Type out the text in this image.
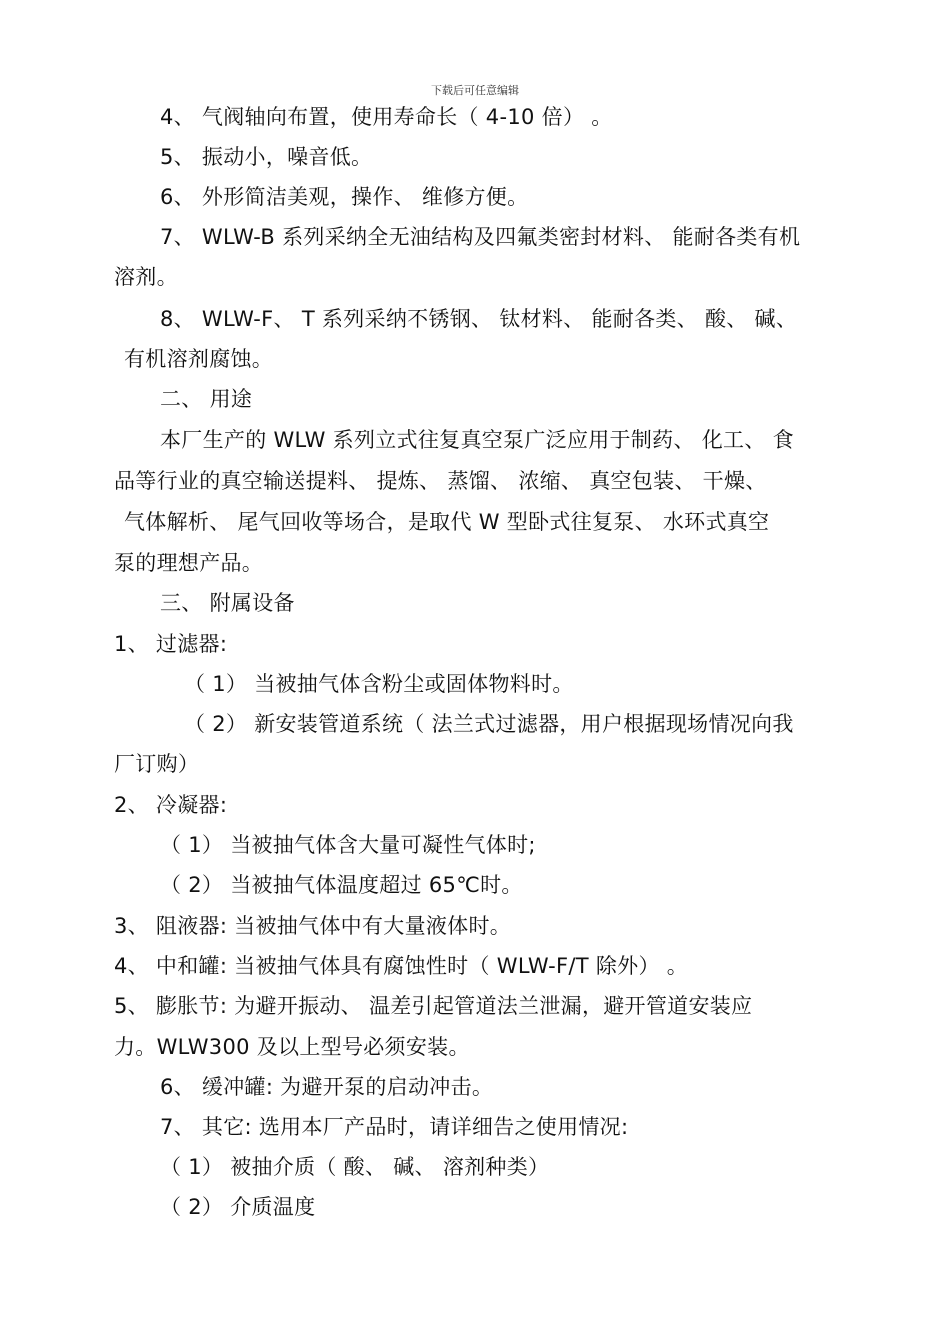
下载后可任意编辑
4、 气阀轴向布置，使用寿命长（ 4-10 倍） 。
5、 振动小，噪音低。
6、 外形简洁美观，操作、 维修方便。
7、 WLW-B 系列采纳全无油结构及四氟类密封材料、 能耐各类有机
溶剂。
8、 WLW-F、 T 系列采纳不锈钢、 钛材料、 能耐各类、 酸、 碱、
有机溶剂腐蚀。
二、 用途
本厂生产的 WLW 系列立式往复真空泵广泛应用于制药、 化工、 食
品等行业的真空输送提料、 提炼、 蒸馏、 浓缩、 真空包装、 干燥、
气体解析、 尾气回收等场合，是取代 W 型卧式往复泵、 水环式真空
泵的理想产品。
三、 附属设备
1、 过滤器:
（ 1） 当被抽气体含粉尘或固体物料时。
（ 2） 新安装管道系统（ 法兰式过滤器，用户根据现场情况向我
厂订购）
2、 冷凝器:
（ 1） 当被抽气体含大量可凝性气体时;
（ 2） 当被抽气体温度超过 65℃时。
3、 阻液器: 当被抽气体中有大量液体时。
4、 中和罐: 当被抽气体具有腐蚀性时（ WLW-F/T 除外） 。
5、 膨胀节: 为避开振动、 温差引起管道法兰泄漏，避开管道安装应
力。WLW300 及以上型号必须安装。
6、 缓冲罐: 为避开泵的启动冲击。
7、 其它: 选用本厂产品时，请详细告之使用情况:
（ 1） 被抽介质（ 酸、 碱、 溶剂种类）
（ 2） 介质温度
